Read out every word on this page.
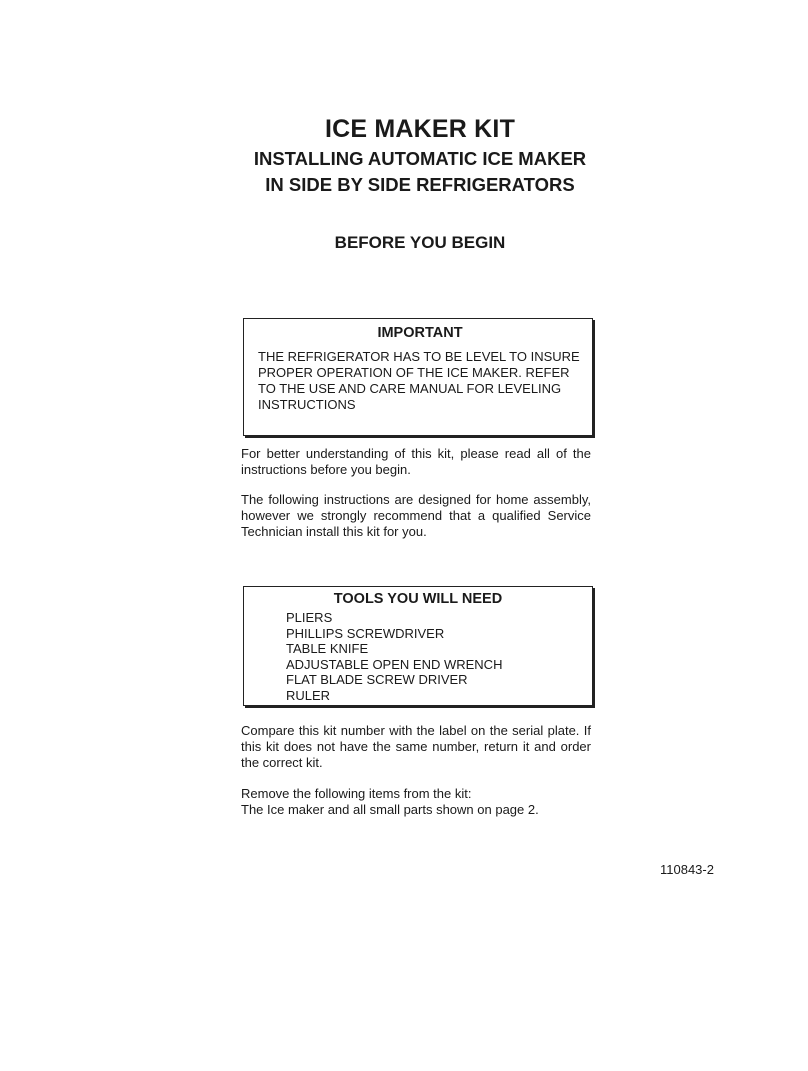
ICE MAKER KIT
INSTALLING AUTOMATIC ICE MAKER
IN SIDE BY SIDE REFRIGERATORS
BEFORE YOU BEGIN

IMPORTANT

THE REFRIGERATOR HAS TO BE LEVEL TO INSURE PROPER OPERATION OF THE ICE MAKER. REFER TO THE USE AND CARE MANUAL FOR LEVELING INSTRUCTIONS

For better understanding of this kit, please read all of the instructions before you begin.

The following instructions are designed for home assembly, however we strongly recommend that a qualified Service Technician install this kit for you.

TOOLS YOU WILL NEED

PLIERS
PHILLIPS SCREWDRIVER
TABLE KNIFE
ADJUSTABLE OPEN END WRENCH
FLAT BLADE SCREW DRIVER
RULER

Compare this kit number with the label on the serial plate. If this kit does not have the same number, return it and order the correct kit.

Remove the following items from the kit:

The Ice maker and all small parts shown on page 2.

110843-2
